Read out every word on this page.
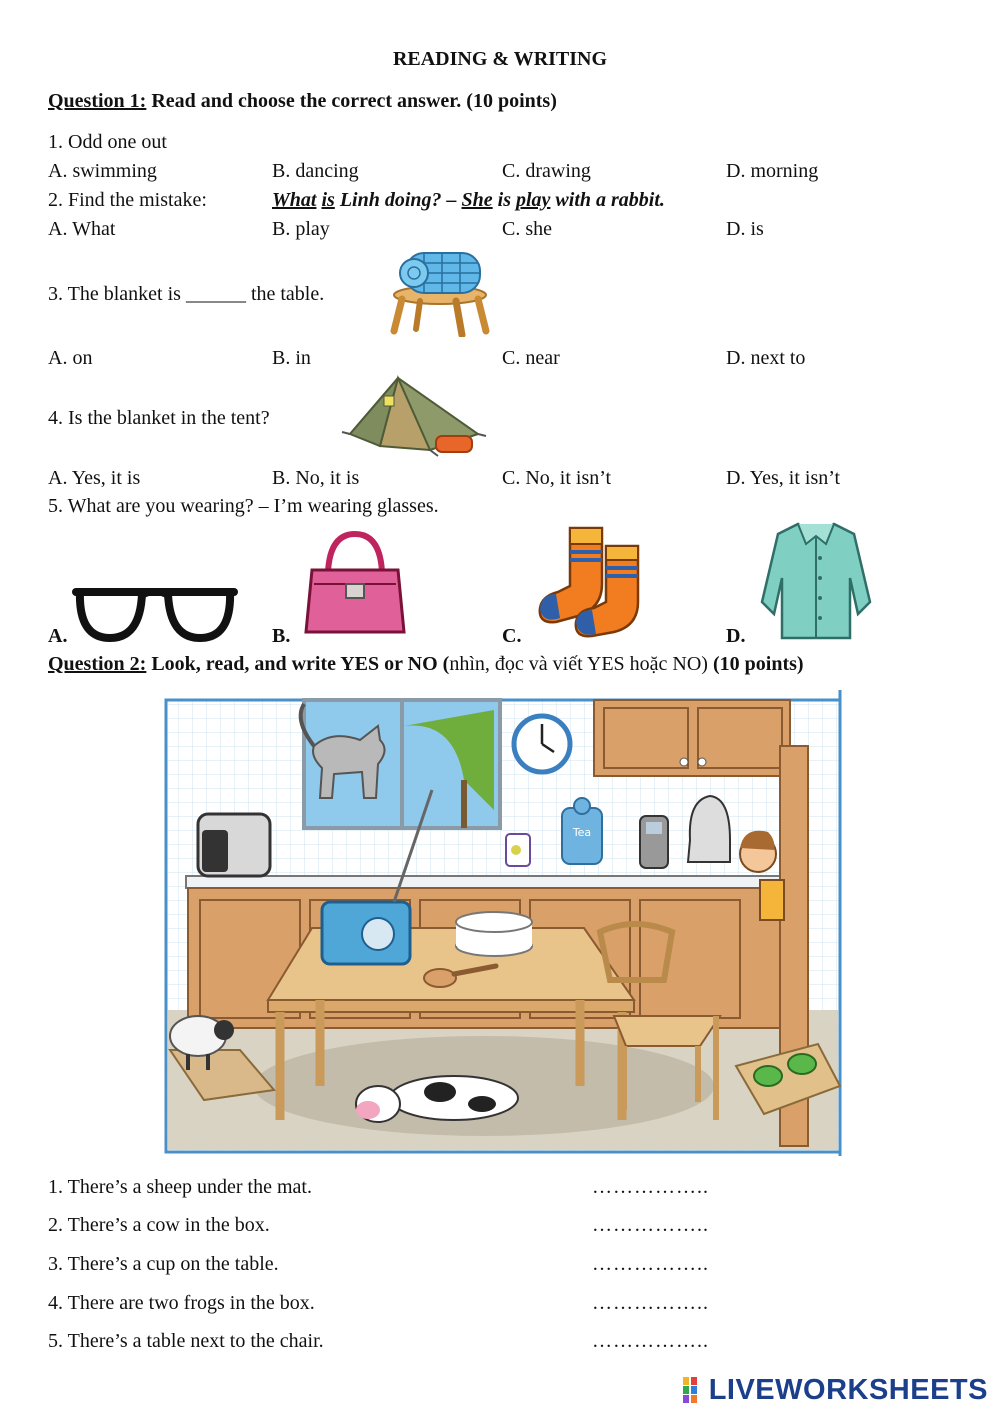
READING & WRITING
Question 1: Read and choose the correct answer. (10 points)
1. Odd one out
A. swimming	B. dancing	C. drawing	D. morning
2. Find the mistake:	What is Linh doing? – She is play with a rabbit.
A. What	B. play	C. she	D. is
3. The blanket is ______ the table.
A. on	B. in	C. near	D. next to
4. Is the blanket in the tent?
A. Yes, it is	B. No, it is	C. No, it isn’t	D. Yes, it isn’t
5. What are you wearing? – I’m wearing glasses.
A.	B.	C.	D.
Question 2: Look, read, and write YES or NO (nhìn, đọc và viết YES hoặc NO) (10 points)
Tea
1. There’s a sheep under the mat.	……………..
2. There’s a cow in the box.	……………..
3. There’s a cup on the table.	……………..
4. There are two frogs in the box.	……………..
5. There’s a table next to the chair.	……………..
LIVEWORKSHEETS
